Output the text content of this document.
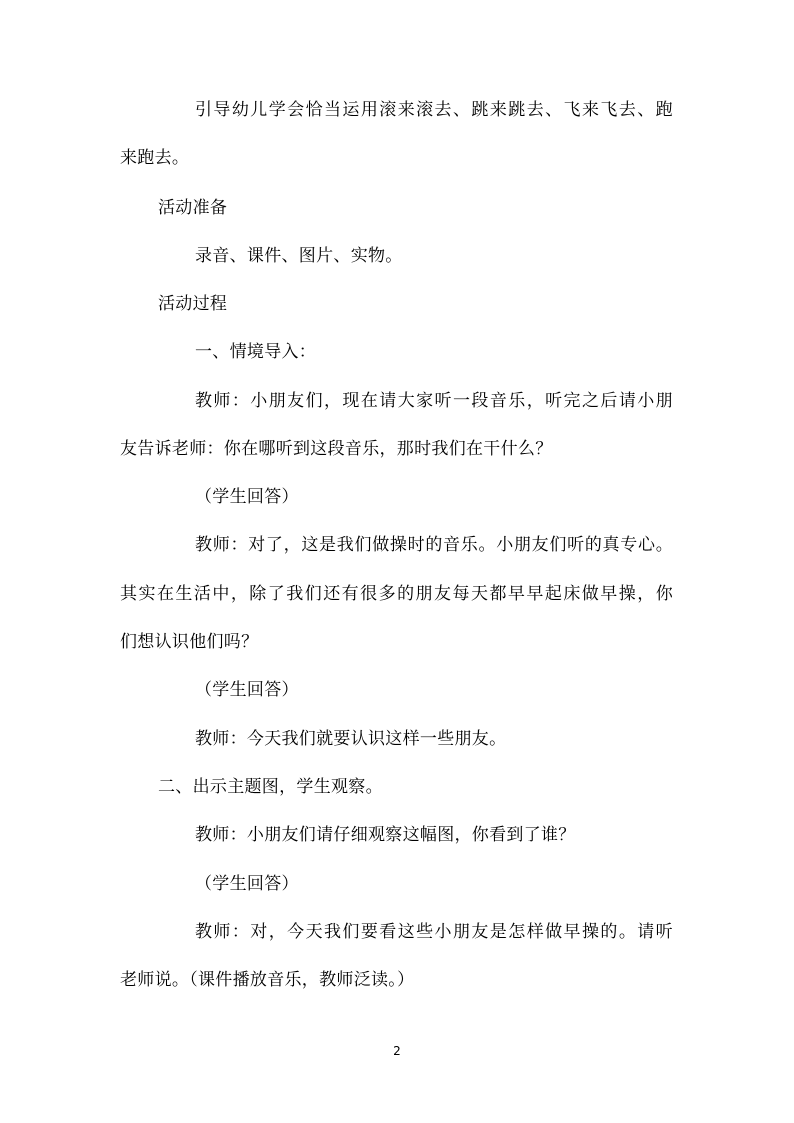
引导幼儿学会恰当运用滚来滚去、跳来跳去、飞来飞去、跑
来跑去。
活动准备
录音、课件、图片、实物。
活动过程
一、情境导入：
教师：小朋友们，现在请大家听一段音乐，听完之后请小朋
友告诉老师：你在哪听到这段音乐，那时我们在干什么？
（学生回答）
教师：对了，这是我们做操时的音乐。小朋友们听的真专心。
其实在生活中，除了我们还有很多的朋友每天都早早起床做早操，你
们想认识他们吗？
（学生回答）
教师：今天我们就要认识这样一些朋友。
二、出示主题图，学生观察。
教师：小朋友们请仔细观察这幅图，你看到了谁？
（学生回答）
教师：对，今天我们要看这些小朋友是怎样做早操的。请听
老师说。（课件播放音乐，教师泛读。）
2
